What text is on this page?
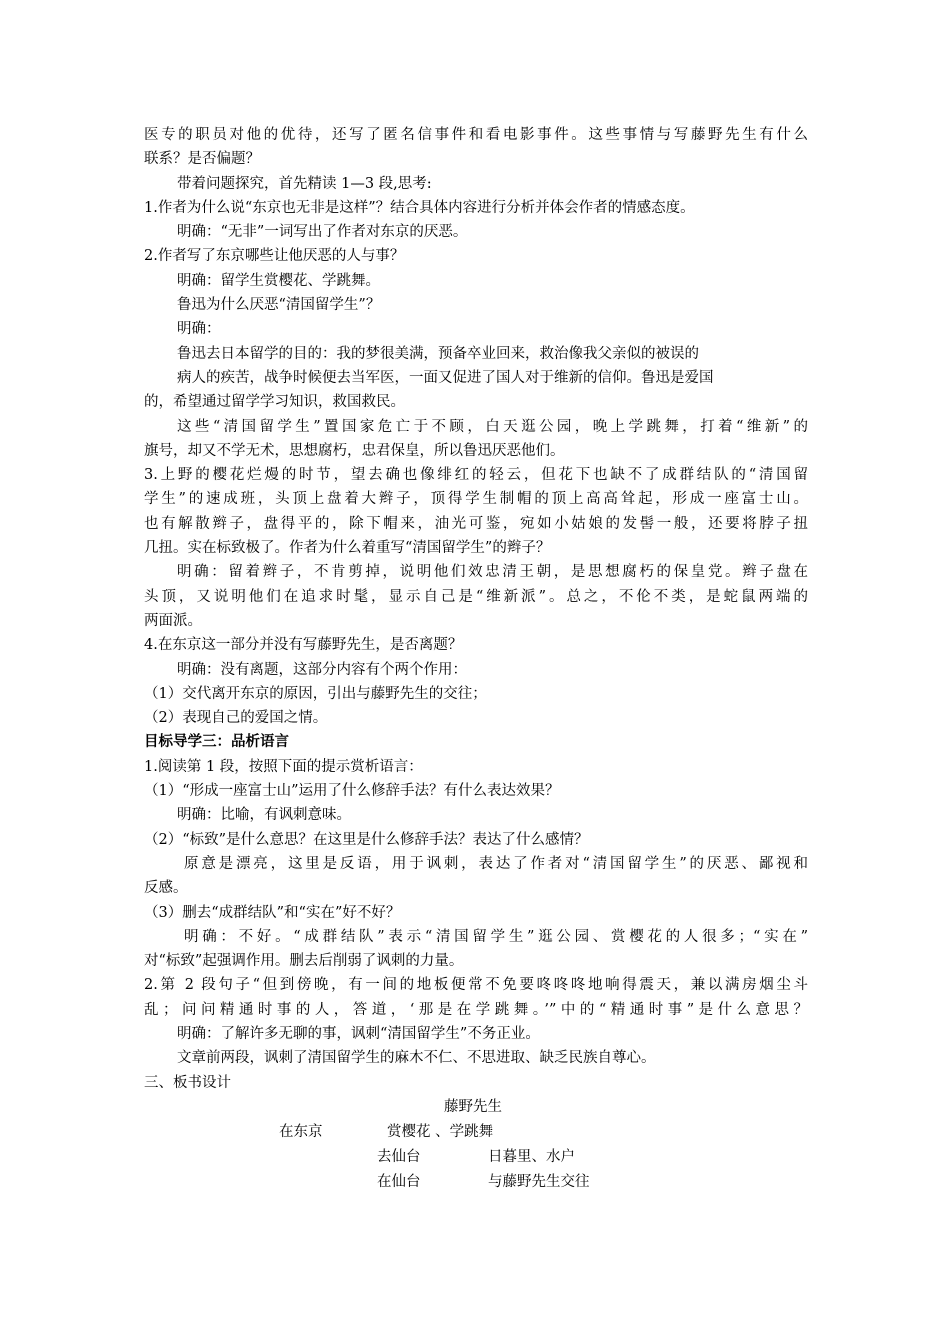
医专的职员对他的优待，还写了匿名信事件和看电影事件。这些事情与写藤野先生有什么
联系？是否偏题？
带着问题探究，首先精读 1—3 段,思考:
1.作者为什么说“东京也无非是这样”？结合具体内容进行分析并体会作者的情感态度。
明确：“无非”一词写出了作者对东京的厌恶。
2.作者写了东京哪些让他厌恶的人与事？
明确：留学生赏樱花、学跳舞。
鲁迅为什么厌恶“清国留学生”？
明确：
鲁迅去日本留学的目的：我的梦很美满，预备卒业回来，救治像我父亲似的被误的
病人的疾苦，战争时候便去当军医，一面又促进了国人对于维新的信仰。鲁迅是爱国
的，希望通过留学学习知识，救国救民。
这些“清国留学生”置国家危亡于不顾，白天逛公园，晚上学跳舞，打着“维新”的
旗号，却又不学无术，思想腐朽，忠君保皇，所以鲁迅厌恶他们。
3.上野的樱花烂熳的时节，望去确也像绯红的轻云，但花下也缺不了成群结队的“清国留
学生”的速成班，头顶上盘着大辫子，顶得学生制帽的顶上高高耸起，形成一座富士山。
也有解散辫子，盘得平的，除下帽来，油光可鉴，宛如小姑娘的发髻一般，还要将脖子扭
几扭。实在标致极了。作者为什么着重写“清国留学生”的辫子？
明确：留着辫子，不肯剪掉，说明他们效忠清王朝，是思想腐朽的保皇党。辫子盘在
头顶，又说明他们在追求时髦，显示自己是“维新派”。总之，不伦不类，是蛇鼠两端的
两面派。
4.在东京这一部分并没有写藤野先生，是否离题？
明确：没有离题，这部分内容有个两个作用：
（1）交代离开东京的原因，引出与藤野先生的交往；
（2）表现自己的爱国之情。
目标导学三：品析语言
1.阅读第 1 段，按照下面的提示赏析语言：
（1）“形成一座富士山”运用了什么修辞手法？有什么表达效果？
明确：比喻，有讽刺意味。
（2）“标致”是什么意思？在这里是什么修辞手法？表达了什么感情？
原意是漂亮，这里是反语，用于讽刺，表达了作者对“清国留学生”的厌恶、鄙视和
反感。
（3）删去“成群结队”和“实在”好不好？
明确：不好。“成群结队”表示“清国留学生”逛公园、赏樱花的人很多；“实在”
对“标致”起强调作用。删去后削弱了讽刺的力量。
2.第 2 段句子“但到傍晚，有一间的地板便常不免要咚咚咚地响得震天，兼以满房烟尘斗
乱；问问精通时事的人，答道，‘那是在学跳舞。’”中的“精通时事”是什么意思？
明确：了解许多无聊的事，讽刺“清国留学生”不务正业。
文章前两段，讽刺了清国留学生的麻木不仁、不思进取、缺乏民族自尊心。
三、板书设计
藤野先生
在东京	赏樱花 、学跳舞
去仙台	日暮里、水户
在仙台	与藤野先生交往
